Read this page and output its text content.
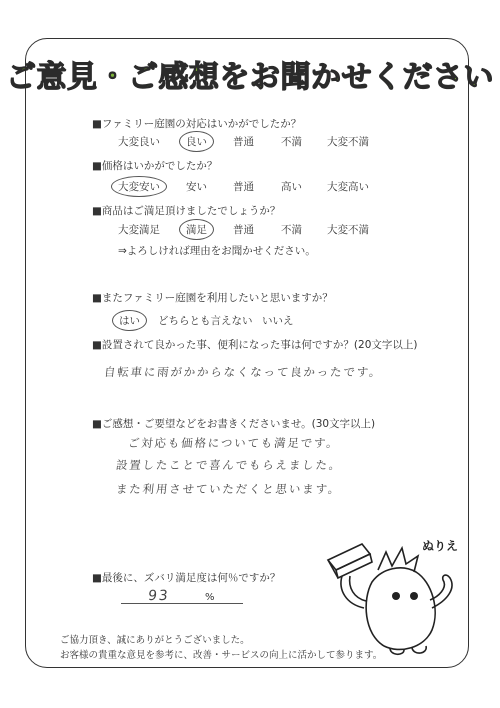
ご意見・ご感想をお聞かせください
■ファミリー庭園の対応はいかがでしたか？
大変良い	良い	普通	不満 大変不満
■価格はいかがでしたか？
大変安い	安い 普通	高い 大変高い
■商品はご満足頂けましたでしょうか？
大変満足	満足	普通	不満 大変不満
⇒よろしければ理由をお聞かせください。
■またファミリー庭園を利用したいと思いますか？
はい	どちらとも言えない いいえ
■設置されて良かった事、便利になった事は何ですか？(20文字以上)
自転車に雨がかからなくなって良かったです。
■ご感想・ご要望などをお書きくださいませ。(30文字以上)
ご対応も価格についても満足です。
設置したことで喜んでもらえました。
また利用させていただくと思います。
■最後に、ズバリ満足度は何％ですか？
93	%
ご協力頂き、誠にありがとうございました。
お客様の貴重な意見を参考に、改善・サービスの向上に活かして参ります。
ぬりえ
